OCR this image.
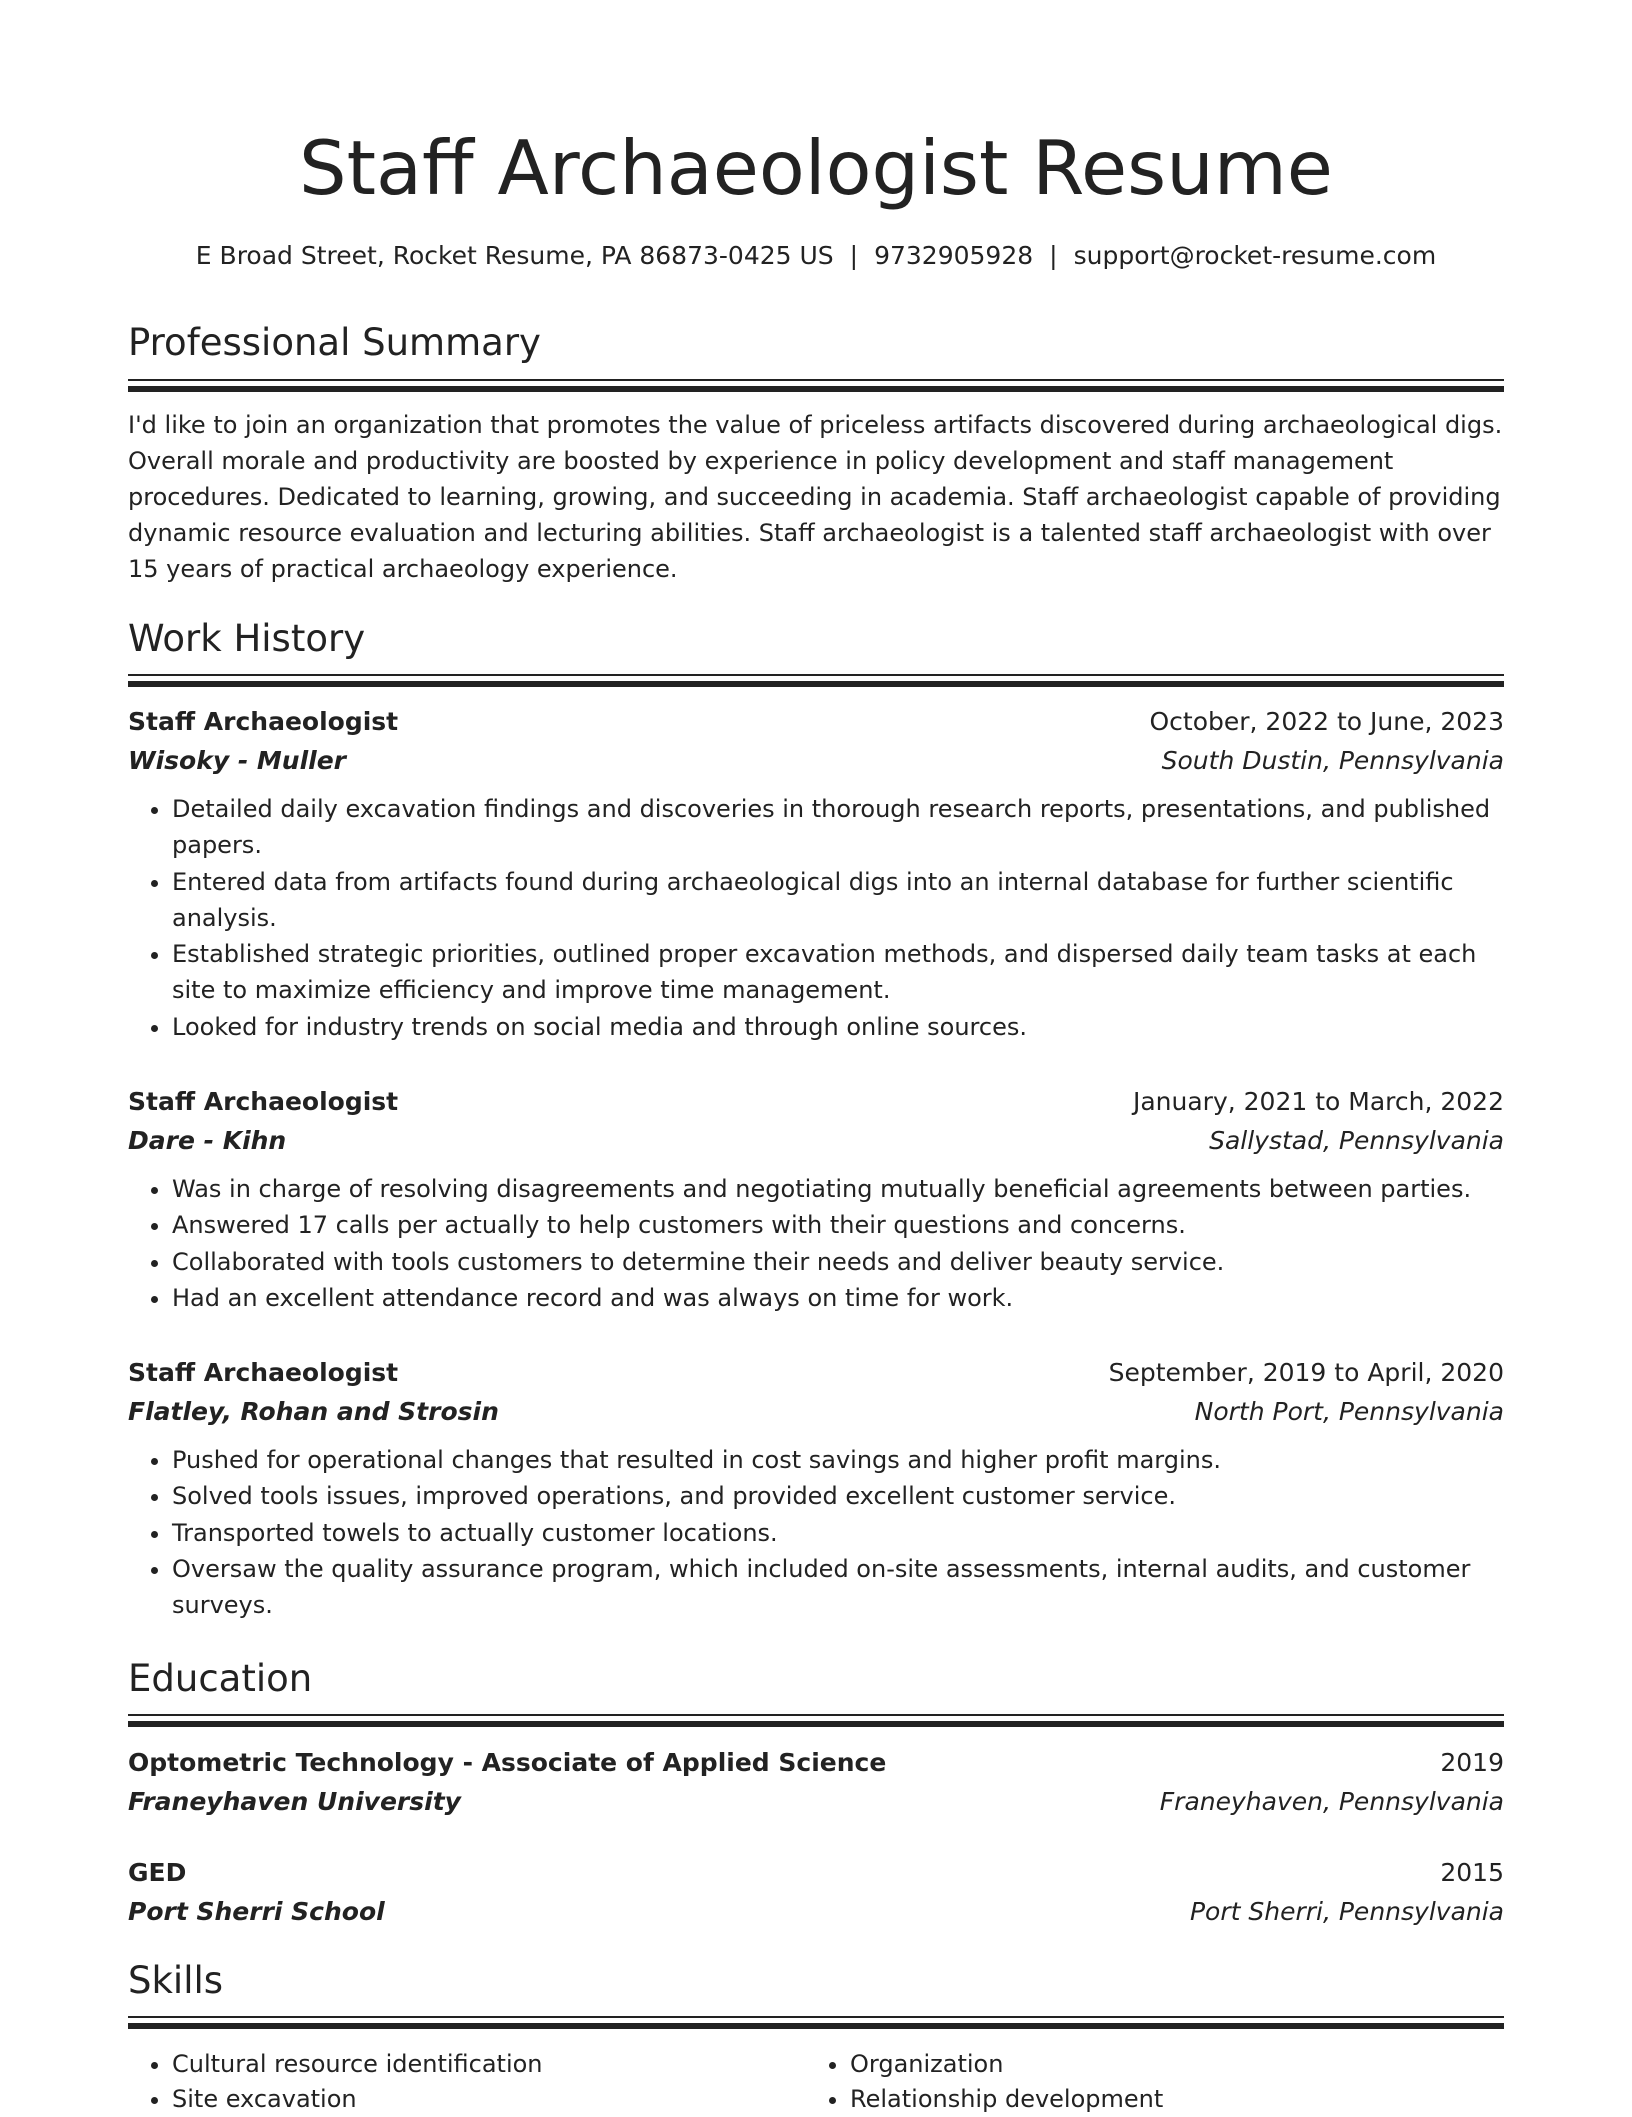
Staff Archaeologist Resume
E Broad Street, Rocket Resume, PA 86873-0425 US | 9732905928 | support@rocket-resume.com
Professional Summary

I'd like to join an organization that promotes the value of priceless artifacts discovered during archaeological digs. Overall morale and productivity are boosted by experience in policy development and staff management procedures. Dedicated to learning, growing, and succeeding in academia. Staff archaeologist capable of providing dynamic resource evaluation and lecturing abilities. Staff archaeologist is a talented staff archaeologist with over 15 years of practical archaeology experience.

Work History
Staff Archaeologist	October, 2022 to June, 2023
Wisoky - Muller	South Dustin, Pennsylvania
• Detailed daily excavation findings and discoveries in thorough research reports, presentations, and published papers.
• Entered data from artifacts found during archaeological digs into an internal database for further scientific analysis.
• Established strategic priorities, outlined proper excavation methods, and dispersed daily team tasks at each site to maximize efficiency and improve time management.
• Looked for industry trends on social media and through online sources.
Staff Archaeologist	January, 2021 to March, 2022
Dare - Kihn	Sallystad, Pennsylvania
• Was in charge of resolving disagreements and negotiating mutually beneficial agreements between parties.
• Answered 17 calls per actually to help customers with their questions and concerns.
• Collaborated with tools customers to determine their needs and deliver beauty service.
• Had an excellent attendance record and was always on time for work.
Staff Archaeologist	September, 2019 to April, 2020
Flatley, Rohan and Strosin	North Port, Pennsylvania
• Pushed for operational changes that resulted in cost savings and higher profit margins.
• Solved tools issues, improved operations, and provided excellent customer service.
• Transported towels to actually customer locations.
• Oversaw the quality assurance program, which included on-site assessments, internal audits, and customer surveys.
Education
Optometric Technology - Associate of Applied Science	2019
Franeyhaven University	Franeyhaven, Pennsylvania
GED	2015
Port Sherri School	Port Sherri, Pennsylvania
Skills
• Cultural resource identification
• Site excavation
• Organization
• Relationship development
